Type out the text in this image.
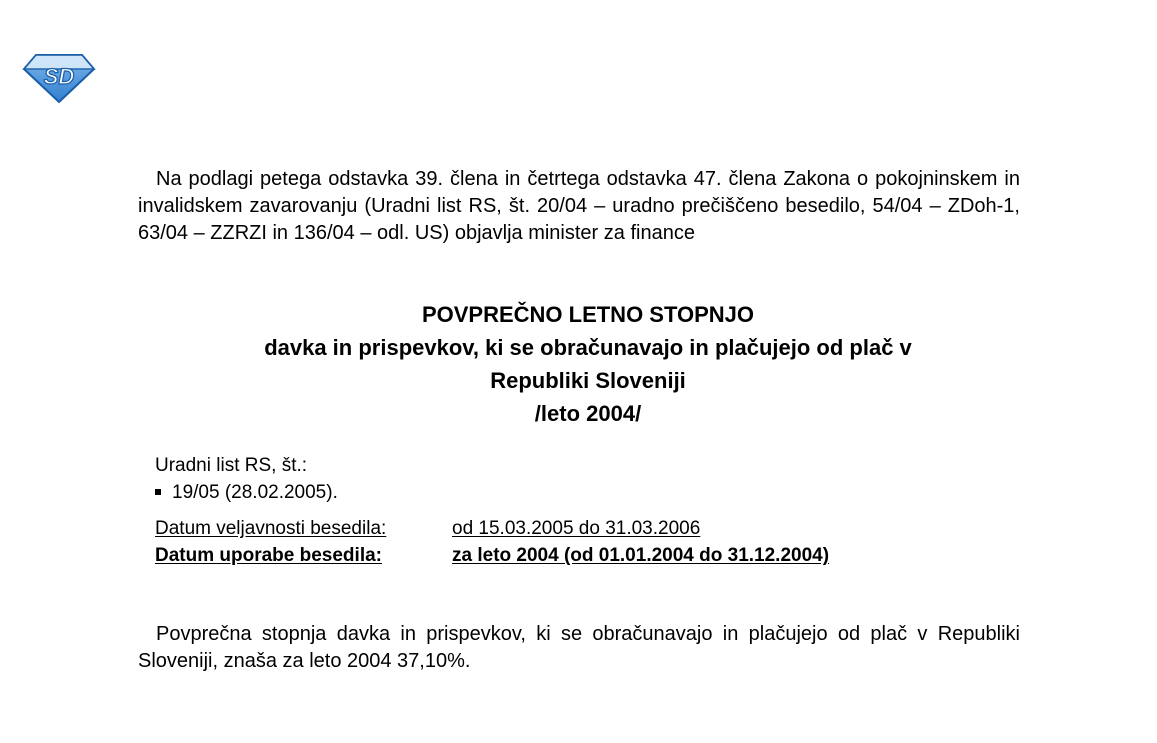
SD

Na podlagi petega odstavka 39. člena in četrtega odstavka 47. člena Zakona o pokojninskem in invalidskem zavarovanju (Uradni list RS, št. 20/04 – uradno prečiščeno besedilo, 54/04 – ZDoh-1, 63/04 – ZZRZI in 136/04 – odl. US) objavlja minister za finance

POVPREČNO LETNO STOPNJO
davka in prispevkov, ki se obračunavajo in plačujejo od plač v
Republiki Sloveniji
/leto 2004/
Uradni list RS, št.:
19/05 (28.02.2005).
Datum veljavnosti besedila:	od 15.03.2005 do 31.03.2006
Datum uporabe besedila:	za leto 2004 (od 01.01.2004 do 31.12.2004)

Povprečna stopnja davka in prispevkov, ki se obračunavajo in plačujejo od plač v Republiki Sloveniji, znaša za leto 2004 37,10%.
